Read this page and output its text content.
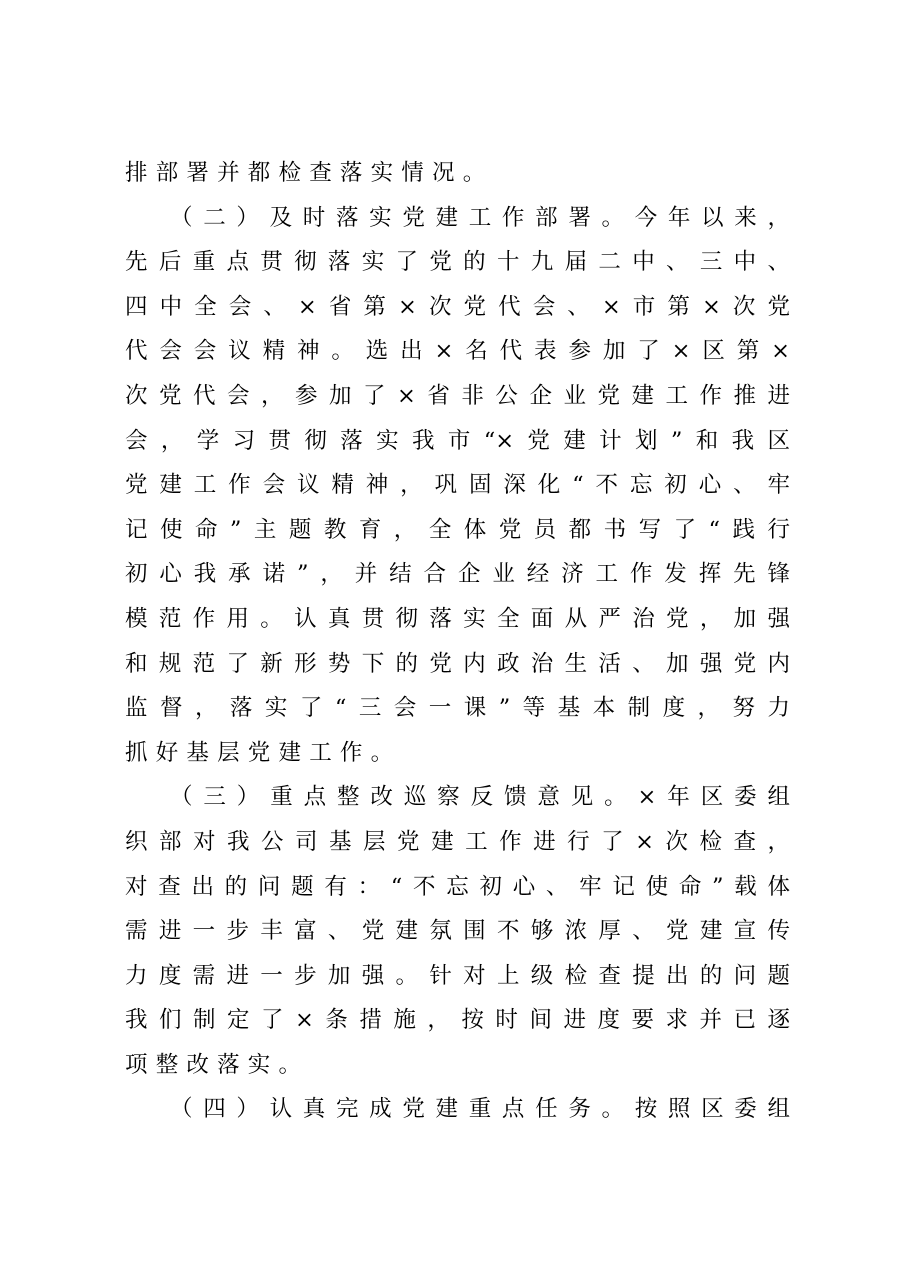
排部署并都检查落实情况。
（二）及时落实党建工作部署。今年以来，
先后重点贯彻落实了党的十九届二中、三中、
四中全会、×省第×次党代会、×市第×次党
代会会议精神。选出×名代表参加了×区第×
次党代会，参加了×省非公企业党建工作推进
会，学习贯彻落实我市“×党建计划”和我区
党建工作会议精神，巩固深化“不忘初心、牢
记使命”主题教育，全体党员都书写了“践行
初心我承诺”，并结合企业经济工作发挥先锋
模范作用。认真贯彻落实全面从严治党，加强
和规范了新形势下的党内政治生活、加强党内
监督，落实了“三会一课”等基本制度，努力
抓好基层党建工作。
（三）重点整改巡察反馈意见。×年区委组
织部对我公司基层党建工作进行了×次检查，
对查出的问题有：“不忘初心、牢记使命”载体
需进一步丰富、党建氛围不够浓厚、党建宣传
力度需进一步加强。针对上级检查提出的问题
我们制定了×条措施，按时间进度要求并已逐
项整改落实。
（四）认真完成党建重点任务。按照区委组
